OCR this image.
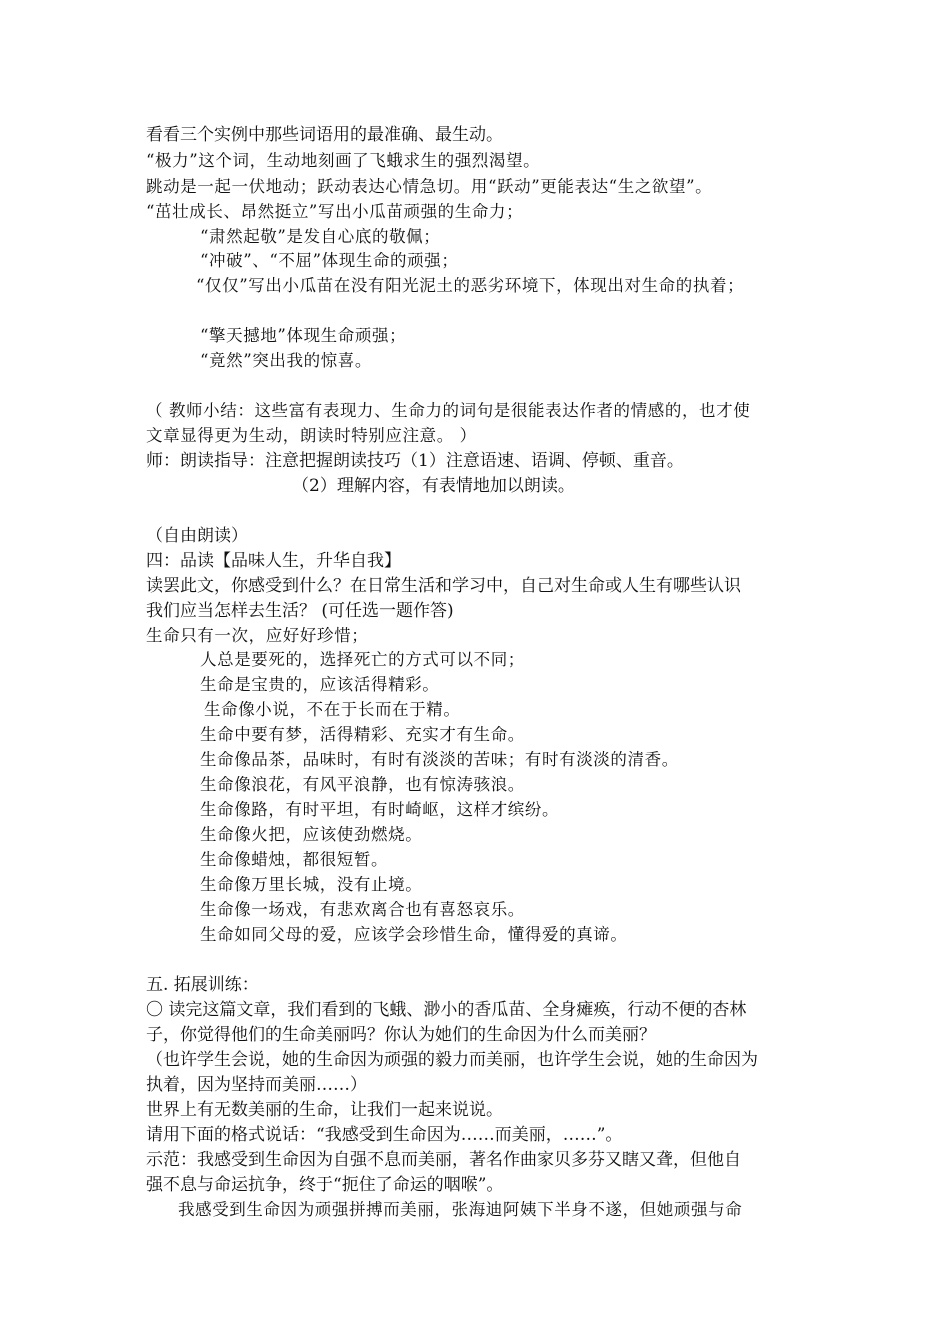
看看三个实例中那些词语用的最准确、最生动。
“极力”这个词，生动地刻画了飞蛾求生的强烈渴望。
跳动是一起一伏地动；跃动表达心情急切。用“跃动”更能表达“生之欲望”。
“茁壮成长、昂然挺立”写出小瓜苗顽强的生命力；
“肃然起敬”是发自心底的敬佩；
“冲破”、“不屈”体现生命的顽强；
“仅仅”写出小瓜苗在没有阳光泥土的恶劣环境下，体现出对生命的执着；
“擎天撼地”体现生命顽强；
“竟然”突出我的惊喜。
（ 教师小结：这些富有表现力、生命力的词句是很能表达作者的情感的，也才使
文章显得更为生动，朗读时特别应注意。 ）
师：朗读指导：注意把握朗读技巧（1）注意语速、语调、停顿、重音。
（2）理解内容，有表情地加以朗读。
（自由朗读）
四：品读【品味人生，升华自我】
读罢此文，你感受到什么？在日常生活和学习中，自己对生命或人生有哪些认识
我们应当怎样去生活？ (可任选一题作答)
生命只有一次，应好好珍惜；
人总是要死的，选择死亡的方式可以不同；
生命是宝贵的，应该活得精彩。
生命像小说，不在于长而在于精。
生命中要有梦，活得精彩、充实才有生命。
生命像品茶，品味时，有时有淡淡的苦味；有时有淡淡的清香。
生命像浪花，有风平浪静，也有惊涛骇浪。
生命像路，有时平坦，有时崎岖，这样才缤纷。
生命像火把，应该使劲燃烧。
生命像蜡烛，都很短暂。
生命像万里长城，没有止境。
生命像一场戏，有悲欢离合也有喜怒哀乐。
生命如同父母的爱，应该学会珍惜生命，懂得爱的真谛。
五. 拓展训练：
〇 读完这篇文章，我们看到的飞蛾、渺小的香瓜苗、全身瘫痪，行动不便的杏林
子，你觉得他们的生命美丽吗？你认为她们的生命因为什么而美丽？
（也许学生会说，她的生命因为顽强的毅力而美丽，也许学生会说，她的生命因为
执着，因为坚持而美丽……）
世界上有无数美丽的生命，让我们一起来说说。
请用下面的格式说话：“我感受到生命因为……而美丽，……”。
示范：我感受到生命因为自强不息而美丽，著名作曲家贝多芬又瞎又聋，但他自
强不息与命运抗争，终于“扼住了命运的咽喉”。
我感受到生命因为顽强拼搏而美丽，张海迪阿姨下半身不遂，但她顽强与命
